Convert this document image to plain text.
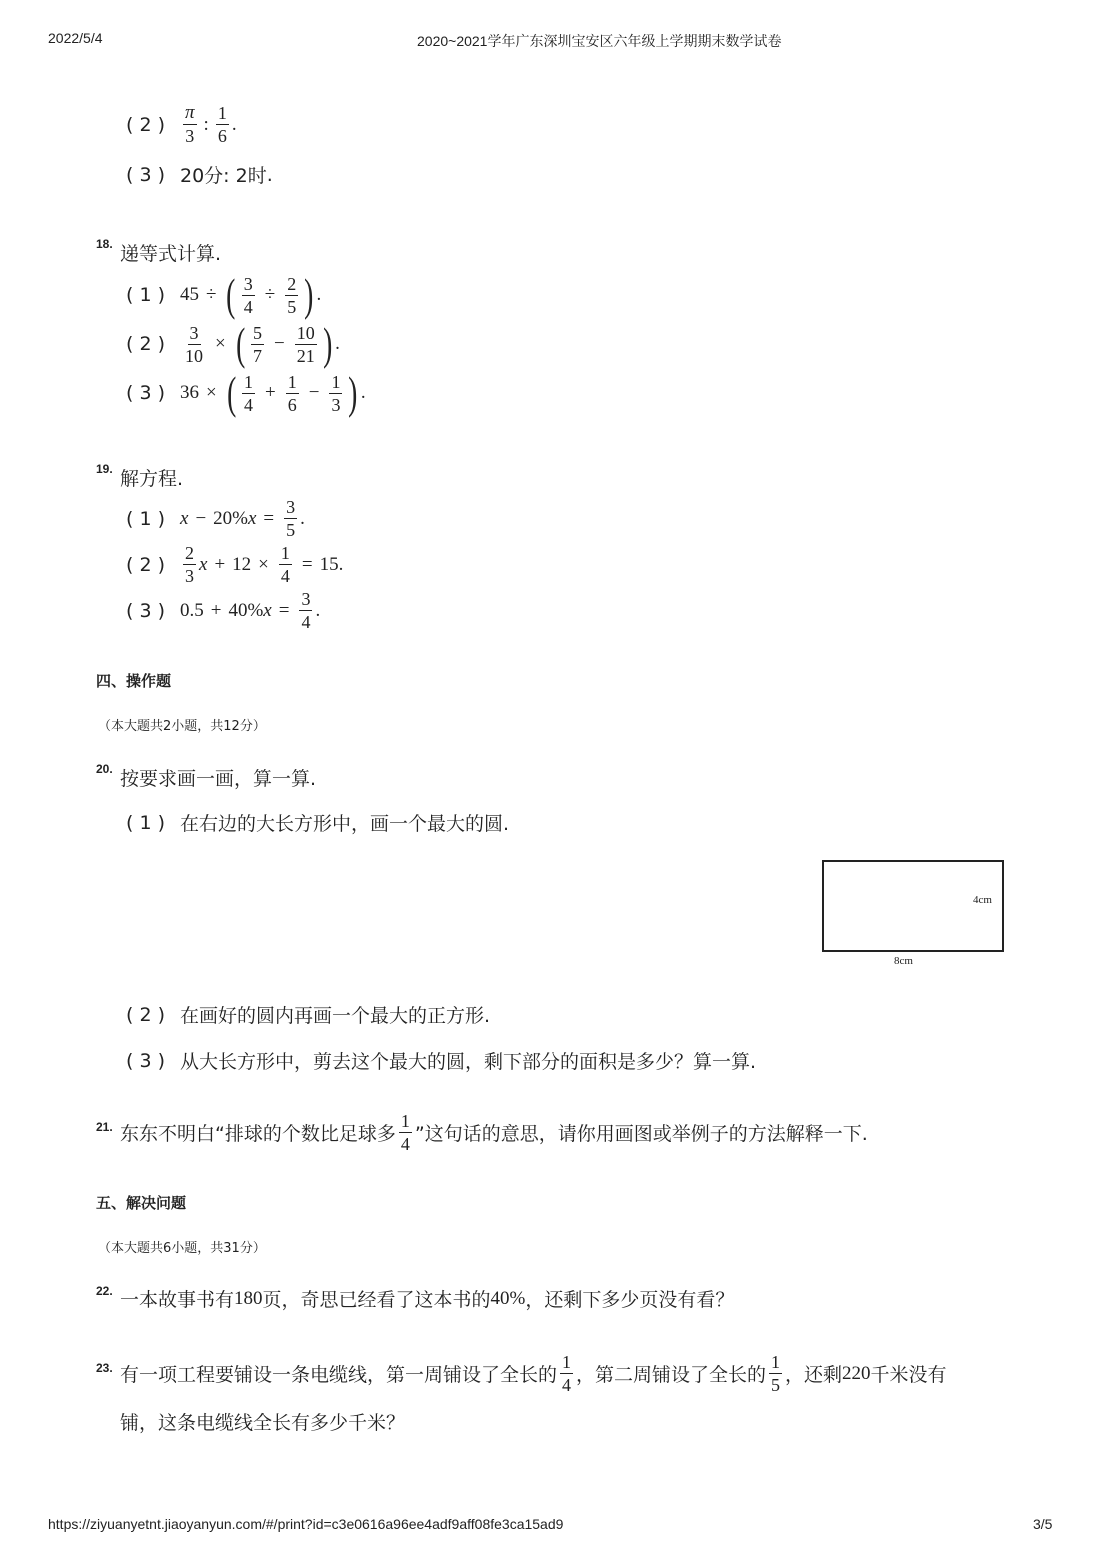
2022/5/4	2020~2021学年广东深圳宝安区六年级上学期期末数学试卷
( 2 ) $\frac{\pi}{3}$ : $\frac{1}{6}$ .
( 3 ) 20分: 2时 .
18. 递等式计算.
( 1 ) 45 ÷ ( $\frac{3}{4} \div \frac{2}{5}$ ) .
( 2 )	$\frac{3}{10}$ × ( $\frac{5}{7} - \frac{10}{21}$ ) .
( 3 ) 36 × ( $\frac{1}{4} + \frac{1}{6} - \frac{1}{3}$ ) .
19. 解方程.
( 1 ) x − 20% $x = \frac{3}{5}$ .
( 2 )	$\frac{2}{3}$ $x + 12 \times \frac{1}{4} = 15$ .
( 3 ) 0.5 + 40% $x = \frac{3}{4}$ .
四、操作题
（本大题共2小题，共12分）
20. 按要求画一画，算一算.
( 1 ) 在右边的大长方形中，画一个最大的圆.
4cm
8cm
( 2 ) 在画好的圆内再画一个最大的正方形.
( 3 ) 从大长方形中，剪去这个最大的圆，剩下部分的面积是多少？算一算.
21. 东东不明白“排球的个数比足球多 $\frac{1}{4}$ ”这句话的意思，请你用画图或举例子的方法解释一下.
五、解决问题
（本大题共6小题，共31分）
22. 一本故事书有 180 页，奇思已经看了这本书的 40% ，还剩下多少页没有看？
23. 有一项工程要铺设一条电缆线，第一周铺设了全长的 $\frac{1}{4}$ ，第二周铺设了全长的 $\frac{1}{5}$ ，还剩 220 千米没有
铺，这条电缆线全长有多少千米？
https://ziyuanyetnt.jiaoyanyun.com/#/print?id=c3e0616a96ee4adf9aff08fe3ca15ad9	3/5
